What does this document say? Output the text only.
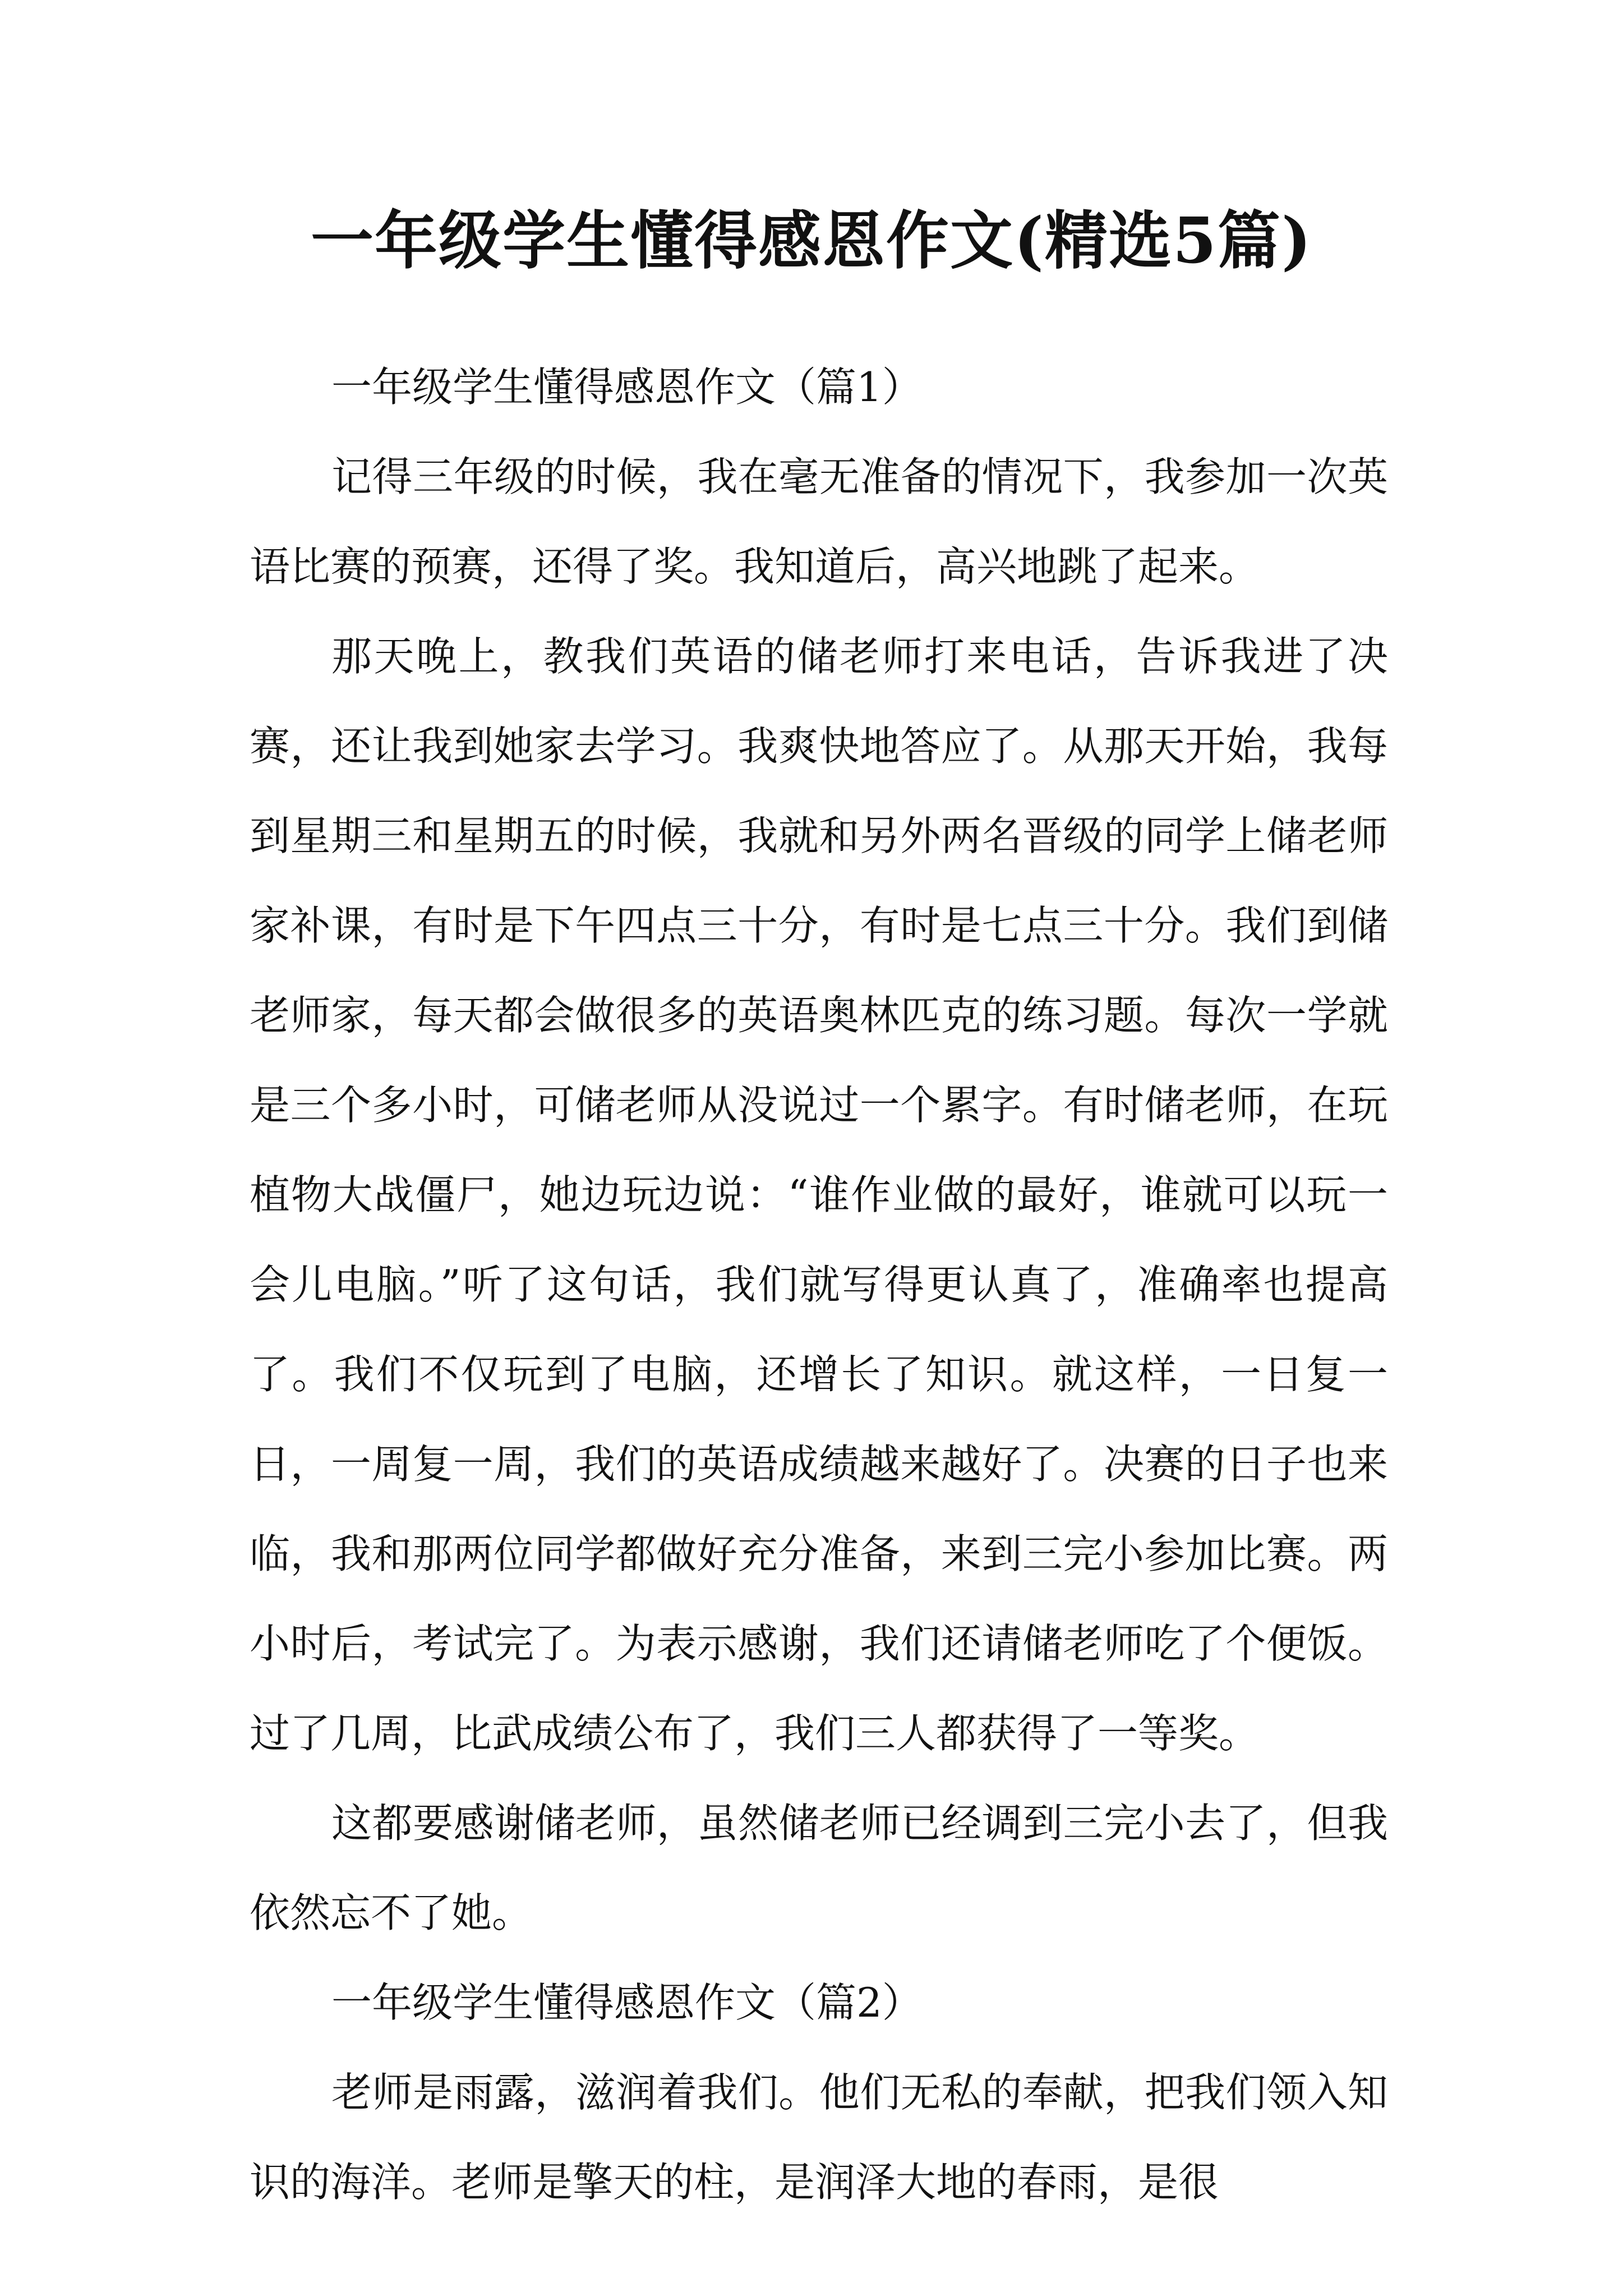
一年级学生懂得感恩作文(精选5篇)

一年级学生懂得感恩作文（篇1）

记得三年级的时候，我在毫无准备的情况下，我参加一次英语比赛的预赛，还得了奖。我知道后，高兴地跳了起来。

那天晚上，教我们英语的储老师打来电话，告诉我进了决赛，还让我到她家去学习。我爽快地答应了。从那天开始，我每到星期三和星期五的时候，我就和另外两名晋级的同学上储老师家补课，有时是下午四点三十分，有时是七点三十分。我们到储老师家，每天都会做很多的英语奥林匹克的练习题。每次一学就是三个多小时，可储老师从没说过一个累字。有时储老师，在玩植物大战僵尸，她边玩边说：“谁作业做的最好，谁就可以玩一会儿电脑。”听了这句话，我们就写得更认真了，准确率也提高了。我们不仅玩到了电脑，还增长了知识。就这样，一日复一日，一周复一周，我们的英语成绩越来越好了。决赛的日子也来临，我和那两位同学都做好充分准备，来到三完小参加比赛。两小时后，考试完了。为表示感谢，我们还请储老师吃了个便饭。过了几周，比武成绩公布了，我们三人都获得了一等奖。

这都要感谢储老师，虽然储老师已经调到三完小去了，但我依然忘不了她。

一年级学生懂得感恩作文（篇2）

老师是雨露，滋润着我们。他们无私的奉献，把我们领入知识的海洋。老师是擎天的柱，是润泽大地的春雨，是很
